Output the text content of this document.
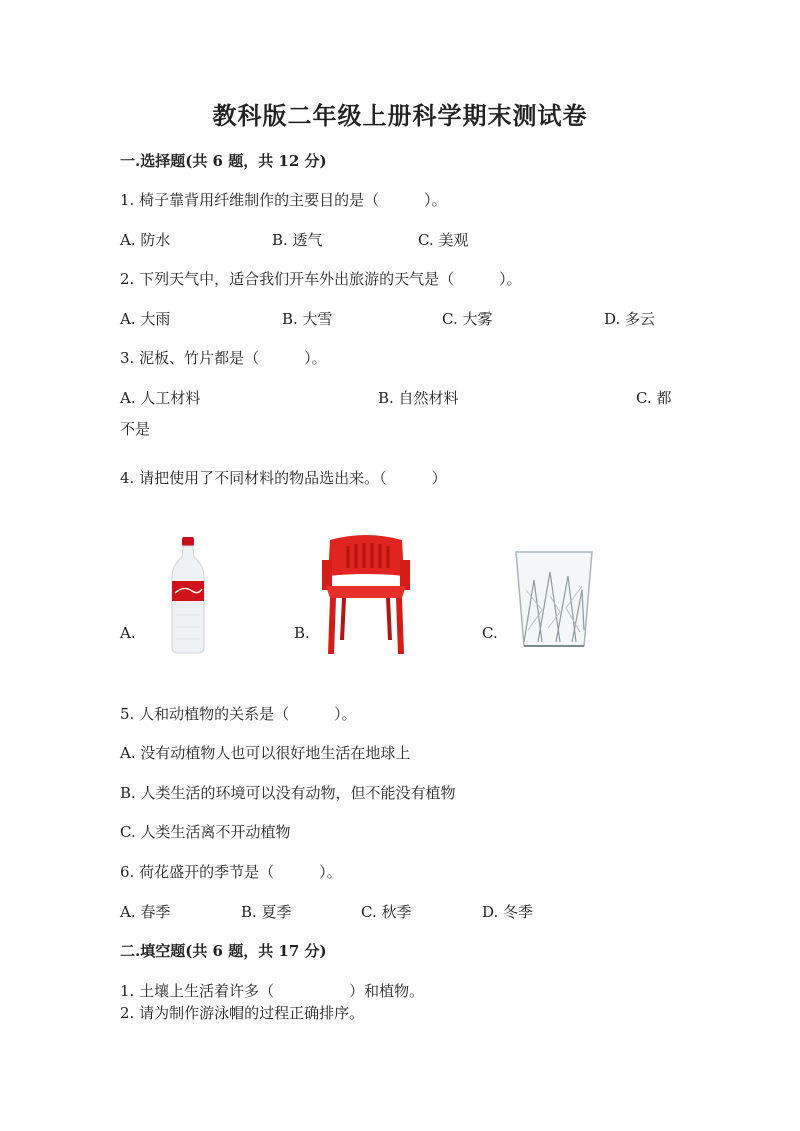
教科版二年级上册科学期末测试卷
一.选择题(共 6 题，共 12 分)
1. 椅子靠背用纤维制作的主要目的是（　　　）。
A. 防水	B. 透气	C. 美观
2. 下列天气中，适合我们开车外出旅游的天气是（　　　）。
A. 大雨	B. 大雪	C. 大雾	D. 多云
3. 泥板、竹片都是（　　　）。
A. 人工材料	B. 自然材料	C. 都
不是
4. 请把使用了不同材料的物品选出来。（　　　）
A.	B.	C.
5. 人和动植物的关系是（　　　）。
A. 没有动植物人也可以很好地生活在地球上
B. 人类生活的环境可以没有动物，但不能没有植物
C. 人类生活离不开动植物
6. 荷花盛开的季节是（　　　）。
A. 春季	B. 夏季	C. 秋季	D. 冬季
二.填空题(共 6 题，共 17 分)
1. 土壤上生活着许多（　　　　　）和植物。
2. 请为制作游泳帽的过程正确排序。
